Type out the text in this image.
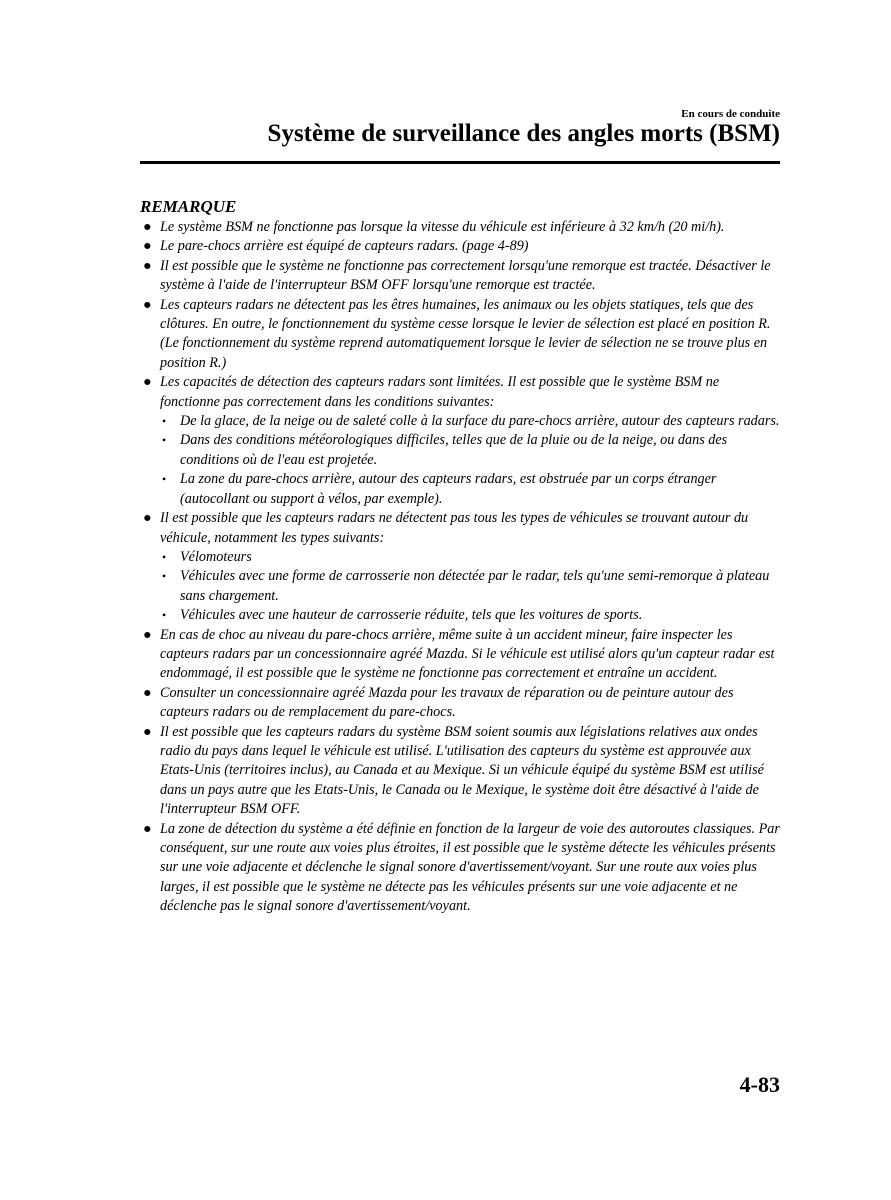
En cours de conduite
Système de surveillance des angles morts (BSM)

REMARQUE

● Le système BSM ne fonctionne pas lorsque la vitesse du véhicule est inférieure à 32 km/h (20 mi/h).
● Le pare-chocs arrière est équipé de capteurs radars. (page 4-89)
● Il est possible que le système ne fonctionne pas correctement lorsqu'une remorque est tractée. Désactiver le système à l'aide de l'interrupteur BSM OFF lorsqu'une remorque est tractée.
● Les capteurs radars ne détectent pas les êtres humaines, les animaux ou les objets statiques, tels que des clôtures. En outre, le fonctionnement du système cesse lorsque le levier de sélection est placé en position R. (Le fonctionnement du système reprend automatiquement lorsque le levier de sélection ne se trouve plus en position R.)
● Les capacités de détection des capteurs radars sont limitées. Il est possible que le système BSM ne fonctionne pas correctement dans les conditions suivantes:
• De la glace, de la neige ou de saleté colle à la surface du pare-chocs arrière, autour des capteurs radars.
• Dans des conditions météorologiques difficiles, telles que de la pluie ou de la neige, ou dans des conditions où de l'eau est projetée.
• La zone du pare-chocs arrière, autour des capteurs radars, est obstruée par un corps étranger (autocollant ou support à vélos, par exemple).
● Il est possible que les capteurs radars ne détectent pas tous les types de véhicules se trouvant autour du véhicule, notamment les types suivants:
• Vélomoteurs
• Véhicules avec une forme de carrosserie non détectée par le radar, tels qu'une semi-remorque à plateau sans chargement.
• Véhicules avec une hauteur de carrosserie réduite, tels que les voitures de sports.
● En cas de choc au niveau du pare-chocs arrière, même suite à un accident mineur, faire inspecter les capteurs radars par un concessionnaire agréé Mazda. Si le véhicule est utilisé alors qu'un capteur radar est endommagé, il est possible que le système ne fonctionne pas correctement et entraîne un accident.
● Consulter un concessionnaire agréé Mazda pour les travaux de réparation ou de peinture autour des capteurs radars ou de remplacement du pare-chocs.
● Il est possible que les capteurs radars du système BSM soient soumis aux législations relatives aux ondes radio du pays dans lequel le véhicule est utilisé. L'utilisation des capteurs du système est approuvée aux Etats-Unis (territoires inclus), au Canada et au Mexique. Si un véhicule équipé du système BSM est utilisé dans un pays autre que les Etats-Unis, le Canada ou le Mexique, le système doit être désactivé à l'aide de l'interrupteur BSM OFF.
● La zone de détection du système a été définie en fonction de la largeur de voie des autoroutes classiques. Par conséquent, sur une route aux voies plus étroites, il est possible que le système détecte les véhicules présents sur une voie adjacente et déclenche le signal sonore d'avertissement/voyant. Sur une route aux voies plus larges, il est possible que le système ne détecte pas les véhicules présents sur une voie adjacente et ne déclenche pas le signal sonore d'avertissement/voyant.
4-83
